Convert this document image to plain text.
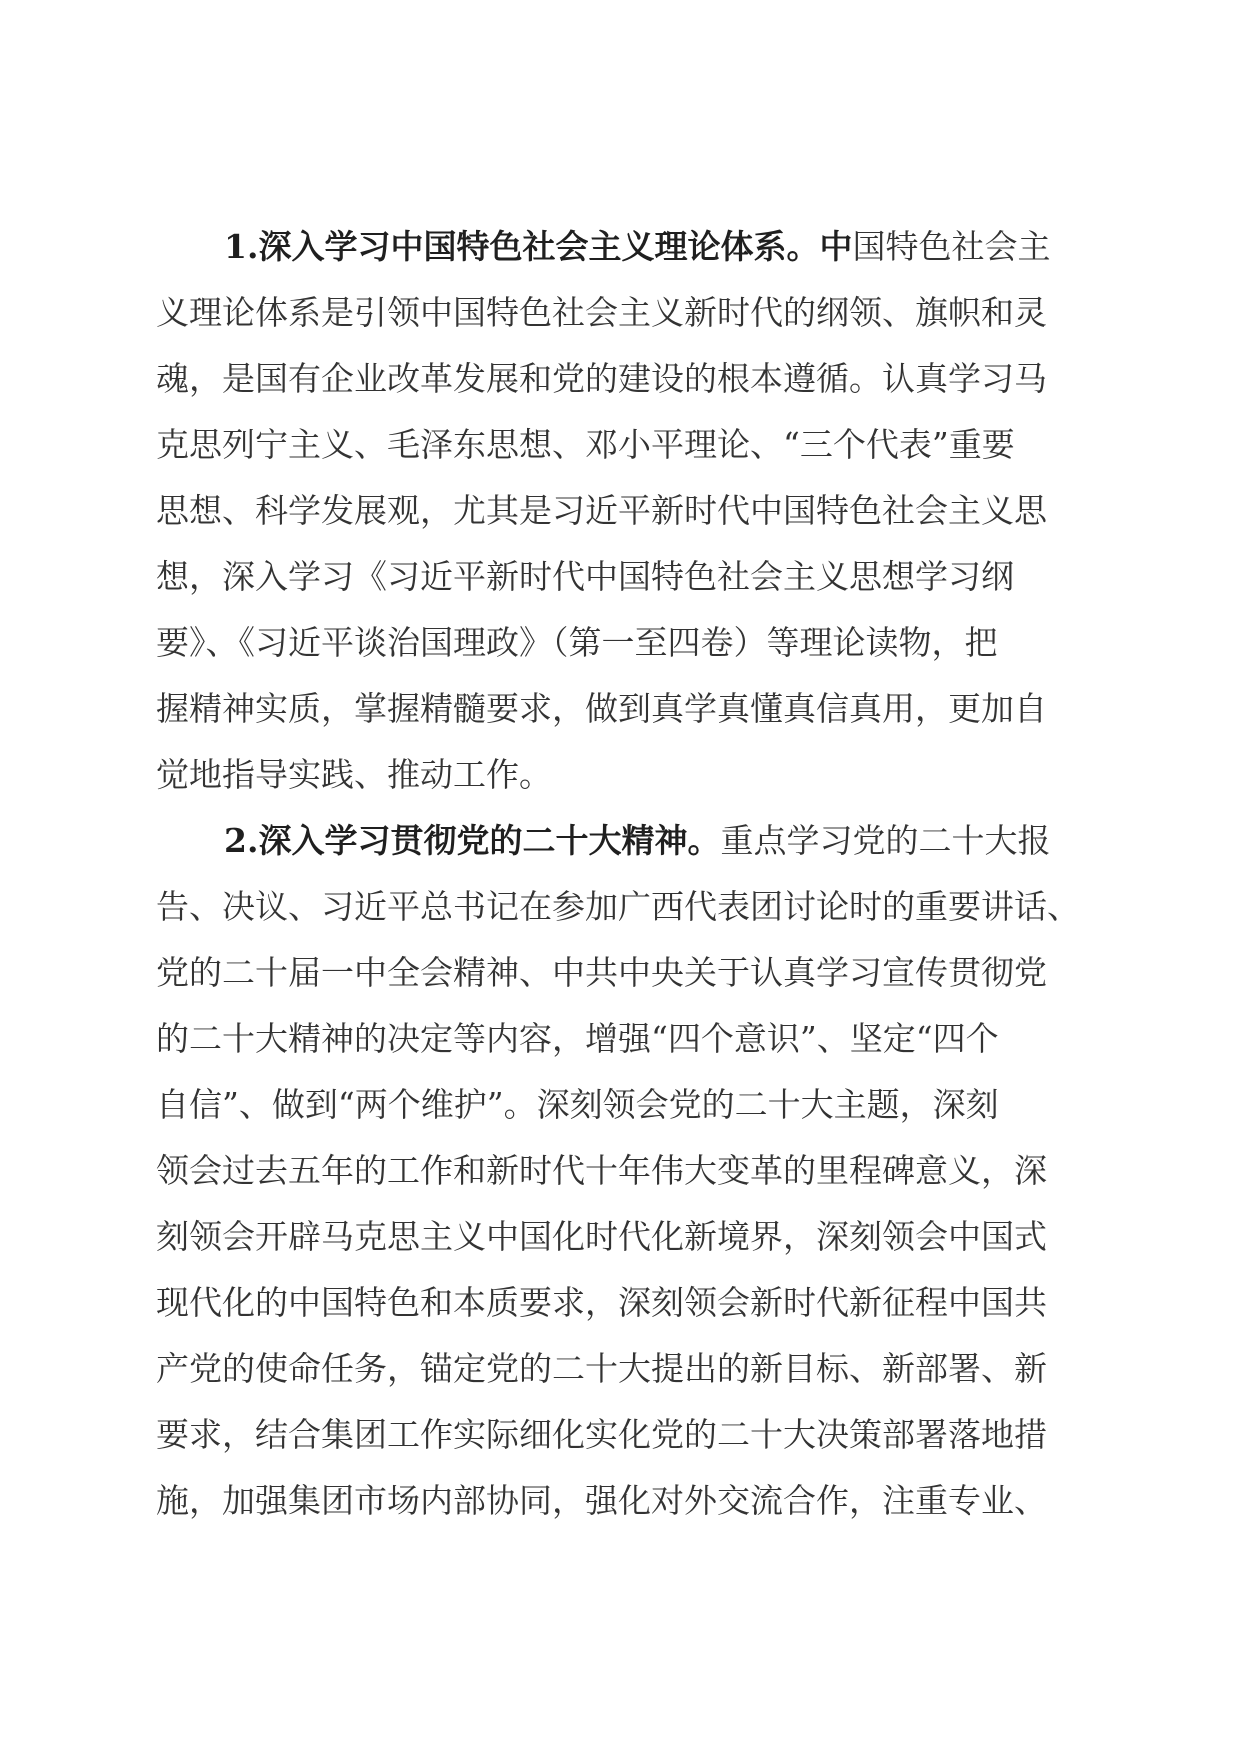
1.深入学习中国特色社会主义理论体系。中国特色社会主

义理论体系是引领中国特色社会主义新时代的纲领、旗帜和灵
魂，是国有企业改革发展和党的建设的根本遵循。认真学习马
克思列宁主义、毛泽东思想、邓小平理论、“三个代表”重要
思想、科学发展观，尤其是习近平新时代中国特色社会主义思
想，深入学习《习近平新时代中国特色社会主义思想学习纲
要》、《习近平谈治国理政》（第一至四卷）等理论读物，把
握精神实质，掌握精髓要求，做到真学真懂真信真用，更加自
觉地指导实践、推动工作。

2.深入学习贯彻党的二十大精神。重点学习党的二十大报

告、决议、习近平总书记在参加广西代表团讨论时的重要讲话、
党的二十届一中全会精神、中共中央关于认真学习宣传贯彻党
的二十大精神的决定等内容，增强“四个意识”、坚定“四个
自信”、做到“两个维护”。深刻领会党的二十大主题，深刻
领会过去五年的工作和新时代十年伟大变革的里程碑意义，深
刻领会开辟马克思主义中国化时代化新境界，深刻领会中国式
现代化的中国特色和本质要求，深刻领会新时代新征程中国共
产党的使命任务，锚定党的二十大提出的新目标、新部署、新
要求，结合集团工作实际细化实化党的二十大决策部署落地措
施，加强集团市场内部协同，强化对外交流合作，注重专业、
